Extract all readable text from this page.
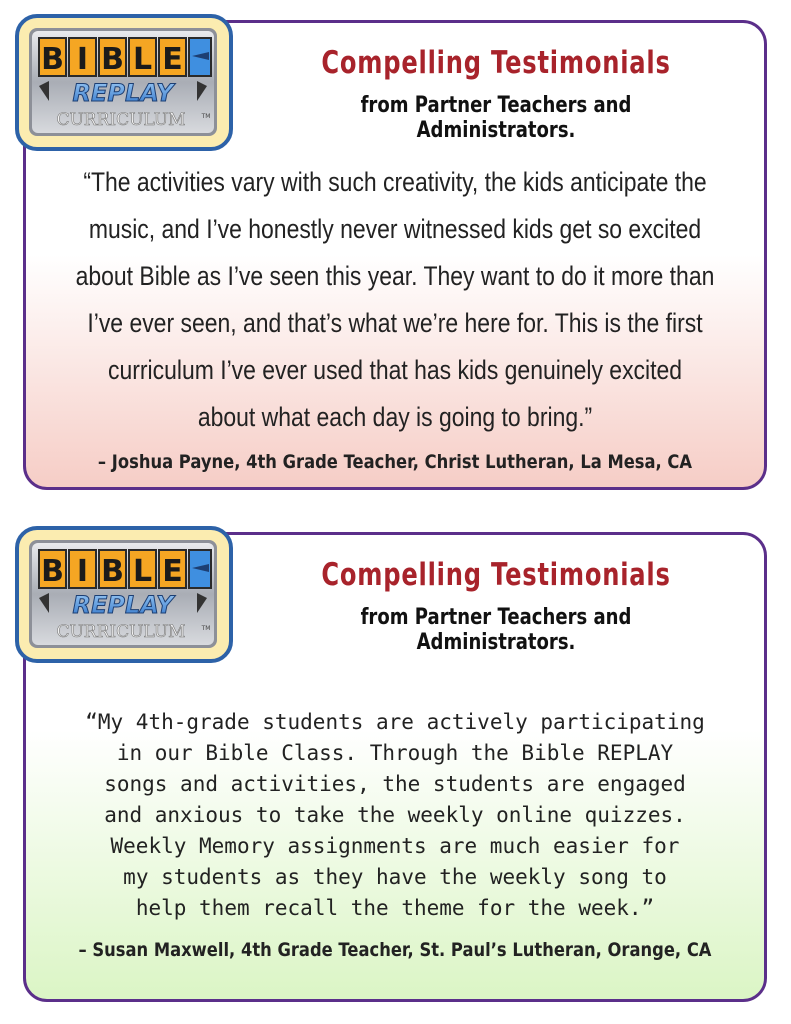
B I B L E
REPLAY
CURRICULUM	TM
Compelling Testimonials
from Partner Teachers and Administrators.
“The activities vary with such creativity, the kids anticipate the
music, and I’ve honestly never witnessed kids get so excited
about Bible as I’ve seen this year. They want to do it more than
I’ve ever seen, and that’s what we’re here for. This is the first
curriculum I’ve ever used that has kids genuinely excited
about what each day is going to bring.”
– Joshua Payne, 4th Grade Teacher, Christ Lutheran, La Mesa, CA
B I B L E
REPLAY
CURRICULUM	TM
Compelling Testimonials
from Partner Teachers and Administrators.
“My 4th-grade students are actively participating
in our Bible Class. Through the Bible REPLAY
songs and activities, the students are engaged
and anxious to take the weekly online quizzes.
Weekly Memory assignments are much easier for
my students as they have the weekly song to
help them recall the theme for the week.”
– Susan Maxwell, 4th Grade Teacher, St. Paul’s Lutheran, Orange, CA
